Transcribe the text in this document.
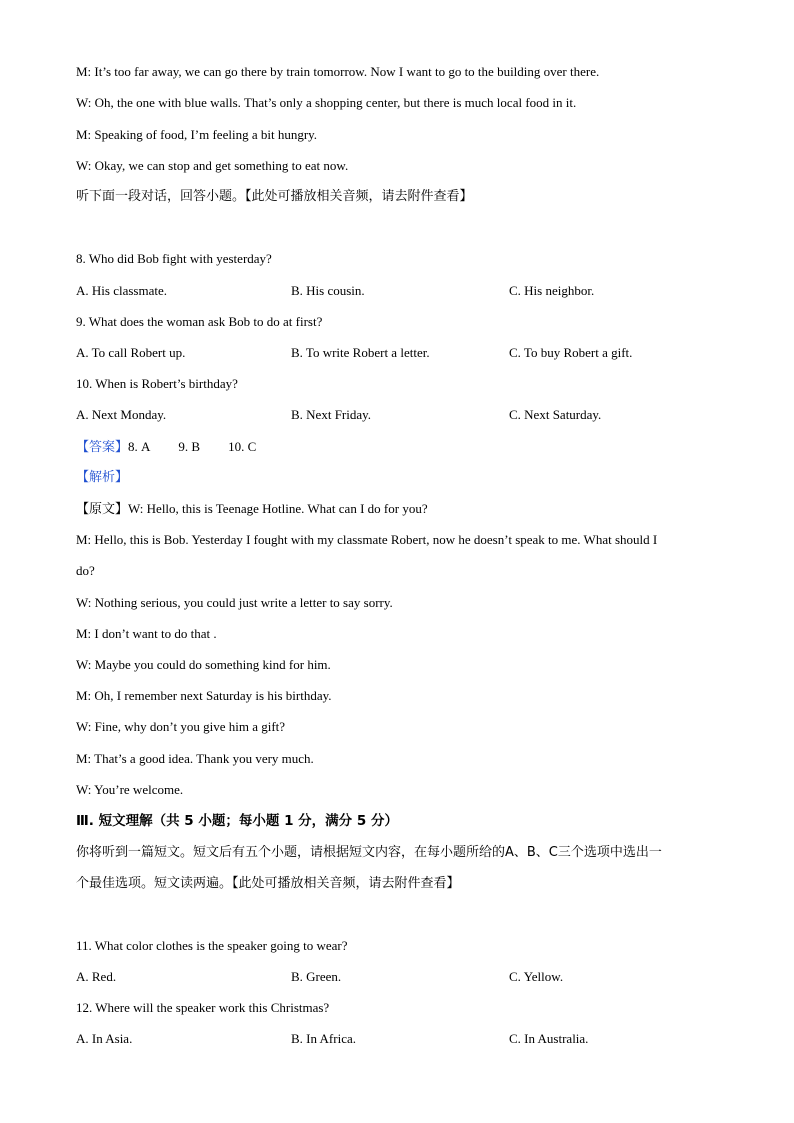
M: It’s too far away, we can go there by train tomorrow. Now I want to go to the building over there.
W: Oh, the one with blue walls. That’s only a shopping center, but there is much local food in it.
M: Speaking of food, I’m feeling a bit hungry.
W: Okay, we can stop and get something to eat now.
听下面一段对话，回答小题。【此处可播放相关音频，请去附件查看】
8. Who did Bob fight with yesterday?
A. His classmate.	B. His cousin.	C. His neighbor.
9. What does the woman ask Bob to do at first?
A. To call Robert up.	B. To write Robert a letter.	C. To buy Robert a gift.
10. When is Robert’s birthday?
A. Next Monday.	B. Next Friday.	C. Next Saturday.
【答案】8. A 9. B 10. C
【解析】
【原文】W: Hello, this is Teenage Hotline. What can I do for you?
M: Hello, this is Bob. Yesterday I fought with my classmate Robert, now he doesn’t speak to me. What should I
do?
W: Nothing serious, you could just write a letter to say sorry.
M: I don’t want to do that .
W: Maybe you could do something kind for him.
M: Oh, I remember next Saturday is his birthday.
W: Fine, why don’t you give him a gift?
M: That’s a good idea. Thank you very much.
W: You’re welcome.
Ⅲ. 短文理解（共 5 小题；每小题 1 分，满分 5 分）
你将听到一篇短文。短文后有五个小题，请根据短文内容，在每小题所给的A、B、C三个选项中选出一
个最佳选项。短文读两遍。【此处可播放相关音频，请去附件查看】
11. What color clothes is the speaker going to wear?
A. Red.	B. Green.	C. Yellow.
12. Where will the speaker work this Christmas?
A. In Asia.	B. In Africa.	C. In Australia.
